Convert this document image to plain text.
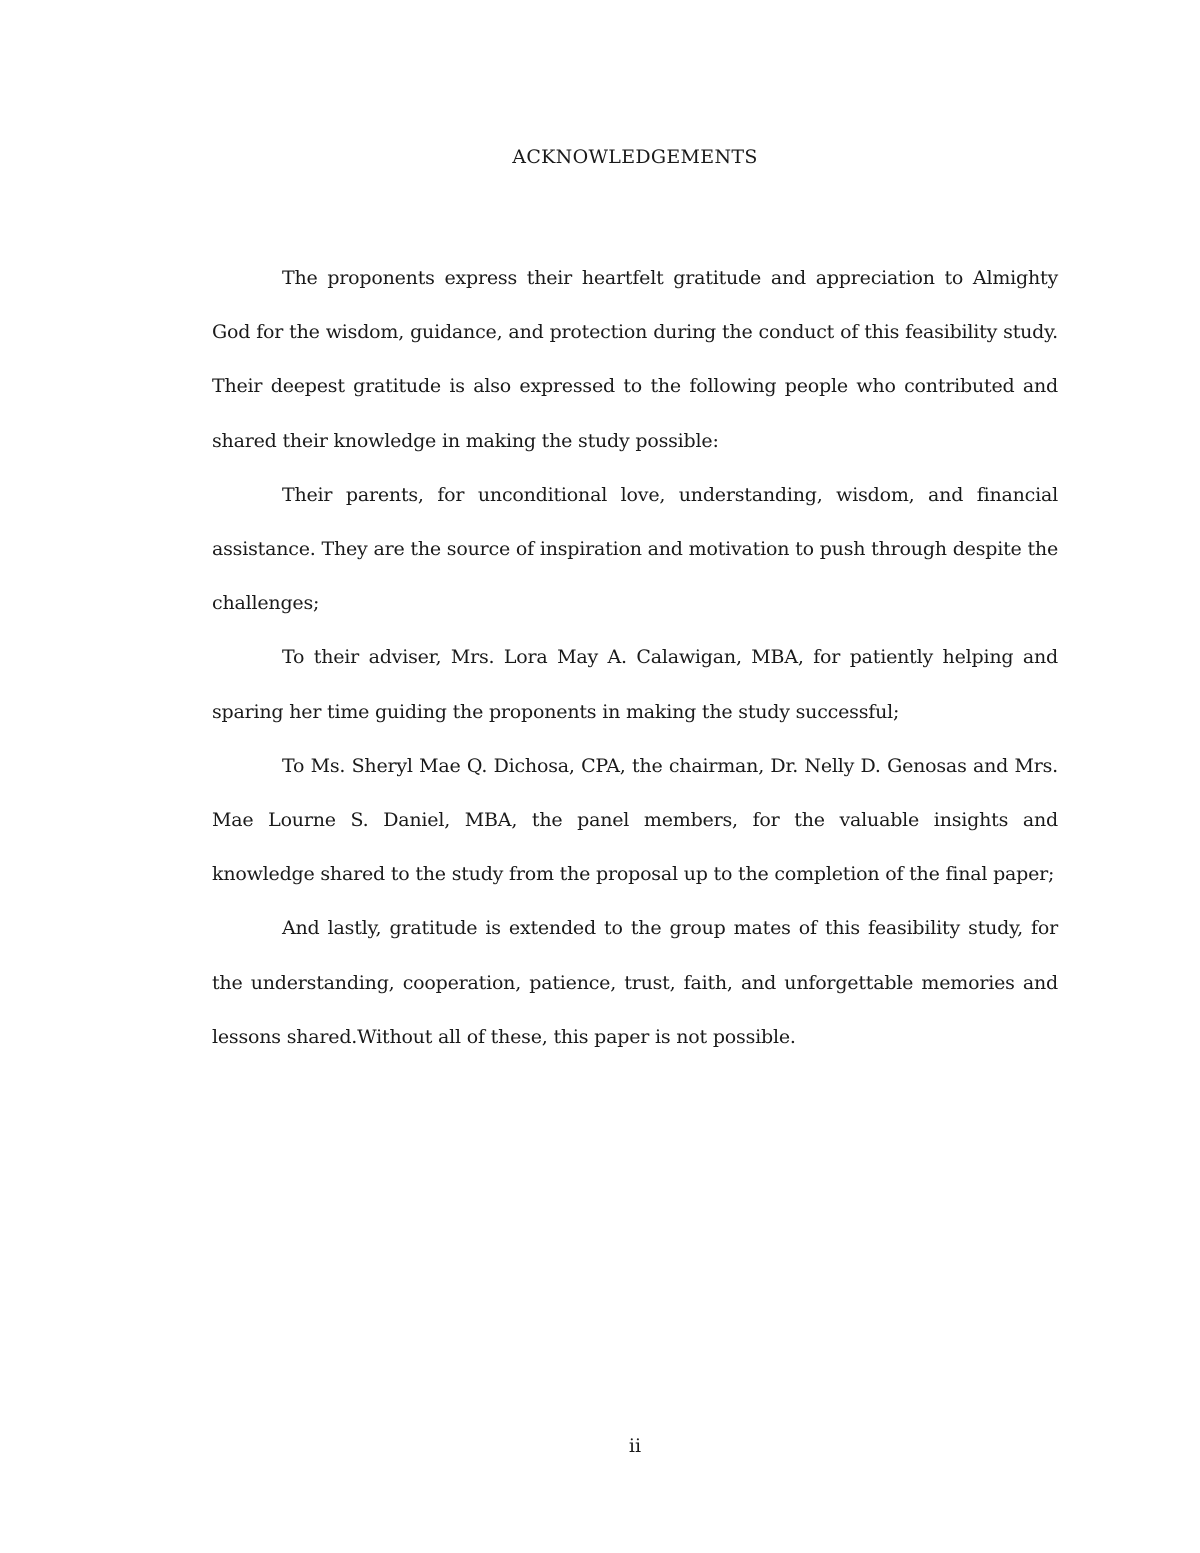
ACKNOWLEDGEMENTS

The proponents express their heartfelt gratitude and appreciation to Almighty God for the wisdom, guidance, and protection during the conduct of this feasibility study. Their deepest gratitude is also expressed to the following people who contributed and shared their knowledge in making the study possible:

Their parents, for unconditional love, understanding, wisdom, and financial assistance. They are the source of inspiration and motivation to push through despite the challenges;

To their adviser, Mrs. Lora May A. Calawigan, MBA, for patiently helping and sparing her time guiding the proponents in making the study successful;

To Ms. Sheryl Mae Q. Dichosa, CPA, the chairman, Dr. Nelly D. Genosas and Mrs. Mae Lourne S. Daniel, MBA, the panel members, for the valuable insights and knowledge shared to the study from the proposal up to the completion of the final paper;

And lastly, gratitude is extended to the group mates of this feasibility study, for the understanding, cooperation, patience, trust, faith, and unforgettable memories and lessons shared.Without all of these, this paper is not possible.

ii
